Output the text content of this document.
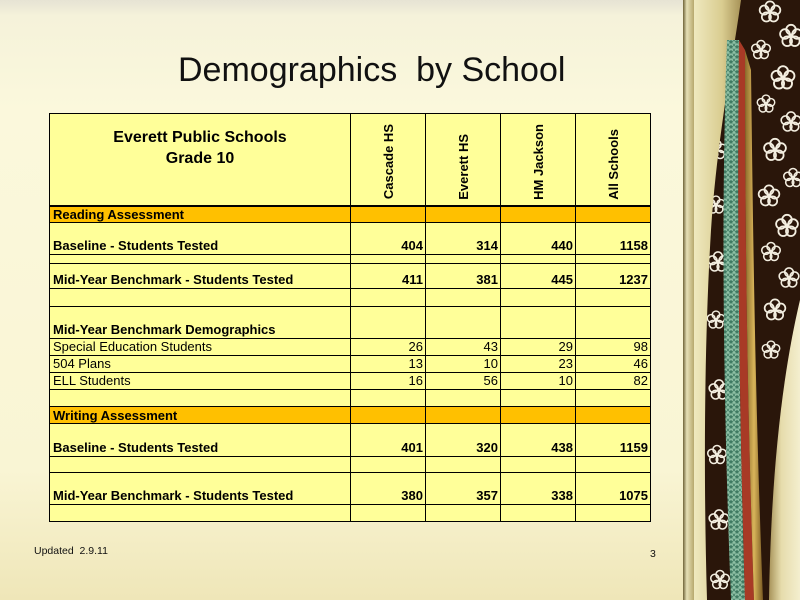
Demographics  by School
Everett Public Schools
Grade 10	Cascade HS	Everett HS	HM Jackson	All Schools
Reading Assessment				
Baseline - Students Tested	404	314	440	1158

Mid-Year Benchmark - Students Tested	411	381	445	1237

Mid-Year Benchmark Demographics				
Special Education Students	26	43	29	98
504 Plans	13	10	23	46
ELL Students	16	56	10	82

Writing Assessment				
Baseline - Students Tested	401	320	438	1159

Mid-Year Benchmark - Students Tested	380	357	338	1075

Updated  2.9.11	3
